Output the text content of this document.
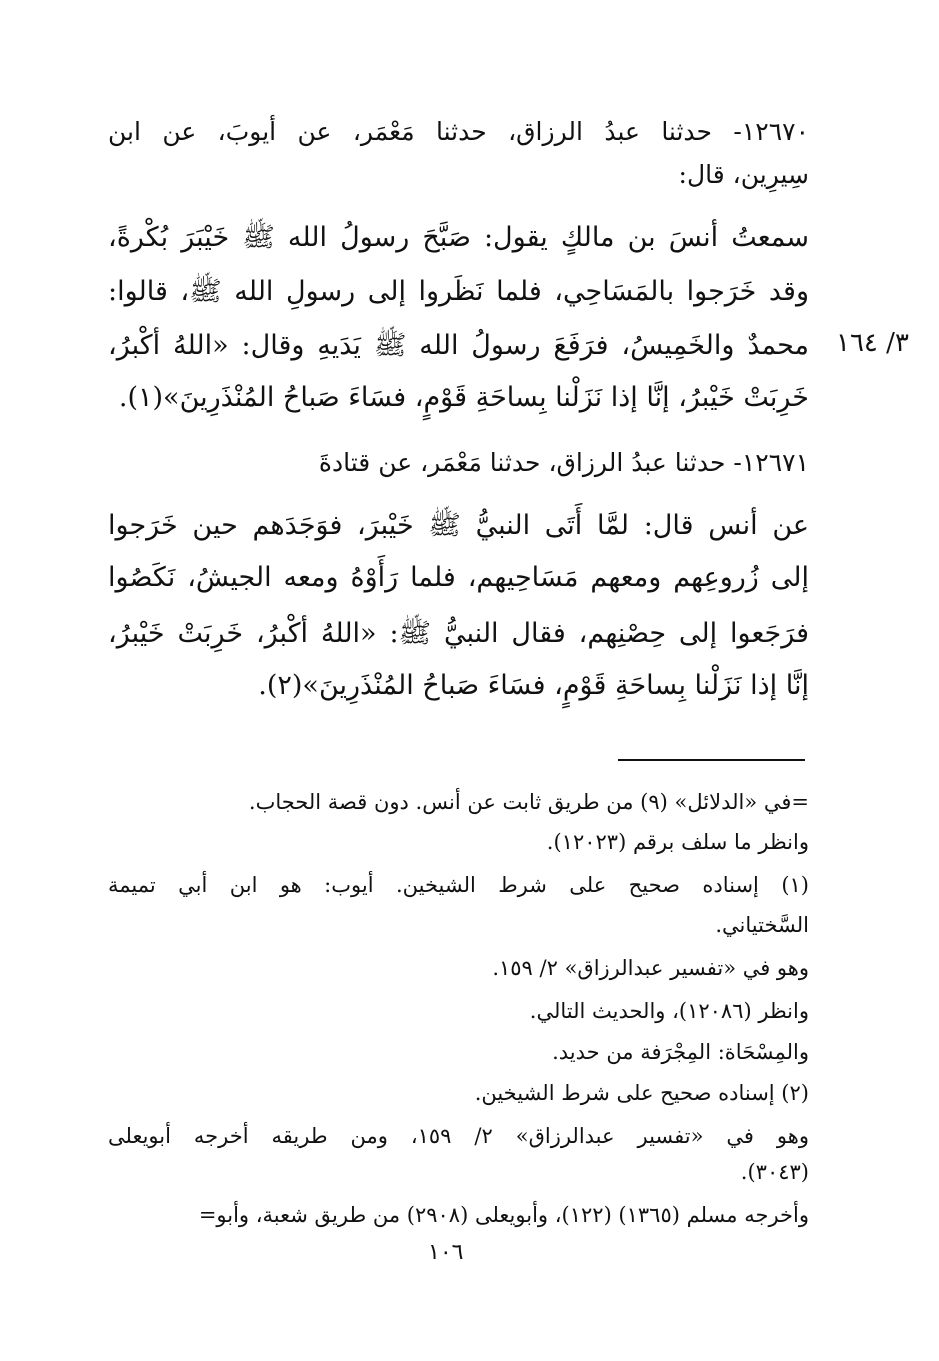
١٢٦٧٠- حدثنا عبدُ الرزاق، حدثنا مَعْمَر، عن أيوبَ، عن ابن
سِيرِين، قال:
سمعتُ أنسَ بن مالكٍ يقول: صَبَّحَ رسولُ الله ﷺ خَيْبَرَ بُكْرةً،
وقد خَرَجوا بالمَسَاحِي، فلما نَظَروا إلى رسولِ الله ﷺ، قالوا:
محمدٌ والخَمِيسُ، فرَفَعَ رسولُ الله ﷺ يَدَيهِ وقال: «اللهُ أكْبرُ،
خَرِبَتْ خَيْبرُ، إنَّا إذا نَزَلْنا بِساحَةِ قَوْمٍ، فسَاءَ صَباحُ المُنْذَرِينَ»(١).
٣/ ١٦٤
١٢٦٧١- حدثنا عبدُ الرزاق، حدثنا مَعْمَر، عن قتادةَ
عن أنس قال: لمَّا أَتَى النبيُّ ﷺ خَيْبرَ، فوَجَدَهم حين خَرَجوا
إلى زُروعِهم ومعهم مَسَاحِيهم، فلما رَأَوْهُ ومعه الجيشُ، نَكَصُوا
فرَجَعوا إلى حِصْنِهم، فقال النبيُّ ﷺ: «اللهُ أكْبرُ، خَرِبَتْ خَيْبرُ،
إنَّا إذا نَزَلْنا بِساحَةِ قَوْمٍ، فسَاءَ صَباحُ المُنْذَرِينَ»(٢).
=في «الدلائل» (٩) من طريق ثابت عن أنس. دون قصة الحجاب.
وانظر ما سلف برقم (١٢٠٢٣).
(١) إسناده صحيح على شرط الشيخين. أيوب: هو ابن أبي تميمة
السَّختياني.
وهو في «تفسير عبدالرزاق» ٢/ ١٥٩.
وانظر (١٢٠٨٦)، والحديث التالي.
والمِسْحَاة: المِجْرَفة من حديد.
(٢) إسناده صحيح على شرط الشيخين.
وهو في «تفسير عبدالرزاق» ٢/ ١٥٩، ومن طريقه أخرجه أبويعلى
(٣٠٤٣).
وأخرجه مسلم (١٣٦٥) (١٢٢)، وأبويعلى (٢٩٠٨) من طريق شعبة، وأبو=
١٠٦
